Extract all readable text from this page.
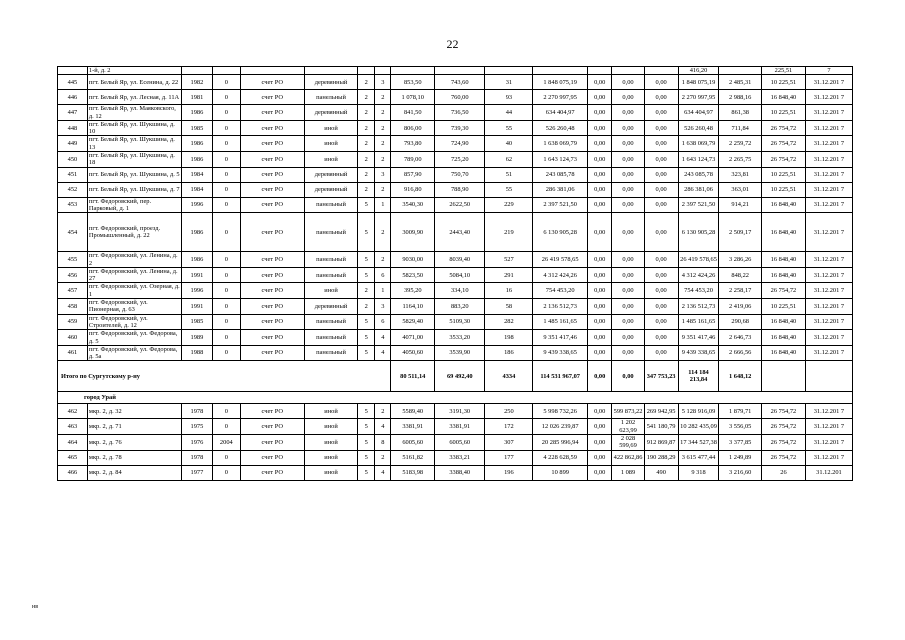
22
	1-й, д. 2														416,20		225,51	7
445	пгт. Белый Яр, ул. Есенина, д. 22	1982	0	счет РО	деревянный	2	3	853,50	743,60	31	1 848 075,19	0,00	0,00	0,00	1 848 075,19	2 485,31	10 225,51	31.12.201 7
446	пгт. Белый Яр, ул. Лесная, д. 11А	1981	0	счет РО	панельный	2	2	1 078,10	760,00	93	2 270 997,95	0,00	0,00	0,00	2 270 997,95	2 988,16	16 848,40	31.12.201 7
447	пгт. Белый Яр, ул. Маяковского, д. 12	1986	0	счет РО	деревянный	2	2	841,50	736,50	44	634 404,97	0,00	0,00	0,00	634 404,97	861,38	10 225,51	31.12.201 7
448	пгт. Белый Яр, ул. Шукшина, д. 10	1985	0	счет РО	иной	2	2	806,00	739,30	55	526 260,48	0,00	0,00	0,00	526 260,48	711,84	26 754,72	31.12.201 7
449	пгт. Белый Яр, ул. Шукшина, д. 13	1986	0	счет РО	иной	2	2	793,80	724,90	40	1 638 069,79	0,00	0,00	0,00	1 638 069,79	2 259,72	26 754,72	31.12.201 7
450	пгт. Белый Яр, ул. Шукшина, д. 18	1986	0	счет РО	иной	2	2	789,00	725,20	62	1 643 124,73	0,00	0,00	0,00	1 643 124,73	2 265,75	26 754,72	31.12.201 7
451	пгт. Белый Яр, ул. Шукшина, д. 5	1984	0	счет РО	деревянный	2	3	857,90	750,70	51	243 085,78	0,00	0,00	0,00	243 085,78	323,81	10 225,51	31.12.201 7
452	пгт. Белый Яр, ул. Шукшина, д. 7	1984	0	счет РО	деревянный	2	2	916,80	788,90	55	286 381,06	0,00	0,00	0,00	286 381,06	363,01	10 225,51	31.12.201 7
453	пгт. Федоровский, пер. Парковый, д. 1	1996	0	счет РО	панельный	5	1	3540,30	2622,50	229	2 397 521,50	0,00	0,00	0,00	2 397 521,50	914,21	16 848,40	31.12.201 7
454	пгт. Федоровский, проезд. Промышленный, д. 22	1986	0	счет РО	панельный	5	2	3009,90	2443,40	219	6 130 905,28	0,00	0,00	0,00	6 130 905,28	2 509,17	16 848,40	31.12.201 7
455	пгт. Федоровский, ул. Ленина, д. 2	1986	0	счет РО	панельный	5	2	9030,00	8039,40	527	26 419 578,65	0,00	0,00	0,00	26 419 578,65	3 286,26	16 848,40	31.12.201 7
456	пгт. Федоровский, ул. Ленина, д. 27	1991	0	счет РО	панельный	5	6	5823,50	5084,10	291	4 312 424,26	0,00	0,00	0,00	4 312 424,26	848,22	16 848,40	31.12.201 7
457	пгт. Федоровский, ул. Озерная, д. 1	1996	0	счет РО	иной	2	1	395,20	334,10	16	754 453,20	0,00	0,00	0,00	754 453,20	2 258,17	26 754,72	31.12.201 7
458	пгт. Федоровский, ул. Пионерная, д. 63	1991	0	счет РО	деревянный	2	3	1164,10	883,20	58	2 136 512,73	0,00	0,00	0,00	2 136 512,73	2 419,06	10 225,51	31.12.201 7
459	пгт. Федоровский, ул. Строителей, д. 12	1985	0	счет РО	панельный	5	6	5829,40	5109,30	282	1 485 161,65	0,00	0,00	0,00	1 485 161,65	290,68	16 848,40	31.12.201 7
460	пгт. Федоровский, ул. Федорова, д. 5	1989	0	счет РО	панельный	5	4	4071,00	3533,20	198	9 351 417,46	0,00	0,00	0,00	9 351 417,46	2 646,73	16 848,40	31.12.201 7
461	пгт. Федоровский, ул. Федорова, д. 5а	1988	0	счет РО	панельный	5	4	4050,60	3539,90	186	9 439 338,65	0,00	0,00	0,00	9 439 338,65	2 666,56	16 848,40	31.12.201 7
Итого по Сургутскому р-ну								80 511,14	69 492,40	4334	114 531 967,07	0,00	0,00	347 753,23	114 184 213,84	1 648,12		
город Урай																		
462	мкр. 2, д. 32	1978	0	счет РО	иной	5	2	5589,40	3191,30	250	5 998 732,26	0,00	599 873,22	269 942,95	5 128 916,09	1 879,71	26 754,72	31.12.201 7
463	мкр. 2, д. 71	1975	0	счет РО	иной	5	4	3381,91	3381,91	172	12 026 239,87	0,00	1 202 623,99	541 180,79	10 282 435,09	3 556,05	26 754,72	31.12.201 7
464	мкр. 2, д. 76	1976	2004	счет РО	иной	5	8	6005,60	6005,60	307	20 285 996,94	0,00	2 028 599,69	912 869,87	17 344 527,38	3 377,85	26 754,72	31.12.201 7
465	мкр. 2, д. 78	1978	0	счет РО	иной	5	2	5161,82	3383,21	177	4 228 628,59	0,00	422 862,86	190 288,29	3 615 477,44	1 249,89	26 754,72	31.12.201 7
466	мкр. 2, д. 84	1977	0	счет РО	иной	5	4	5183,98	3388,40	196	10 899	0,00	1 089	490	9 318	3 216,60	26	31.12.201
нв
